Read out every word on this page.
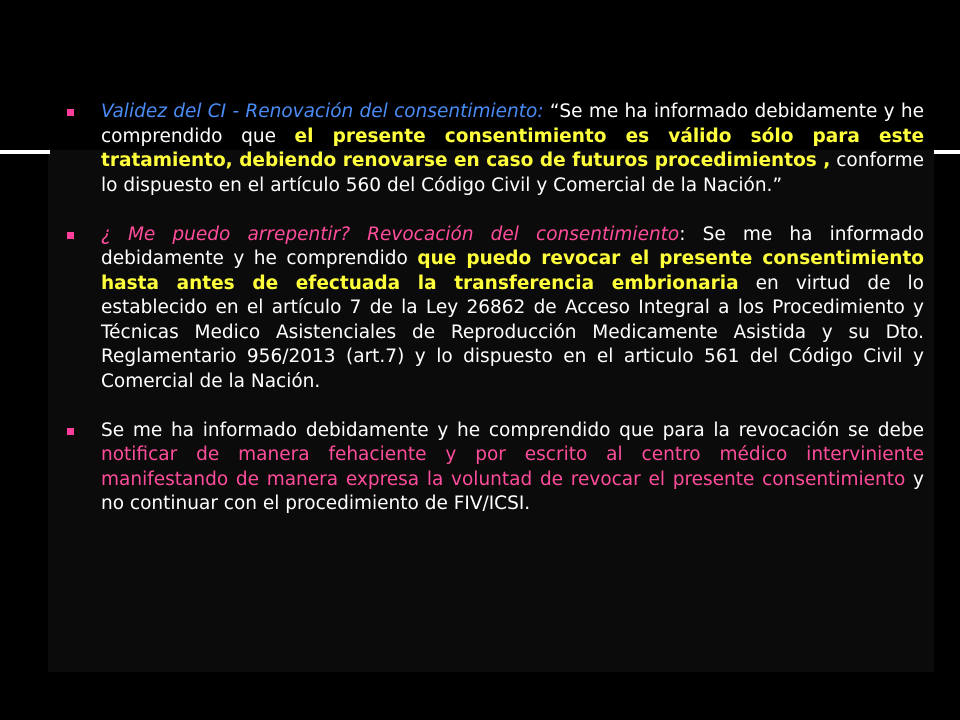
Validez del CI - Renovación del consentimiento: “Se me ha informado debidamente y he comprendido que el presente consentimiento es válido sólo para este tratamiento, debiendo renovarse en caso de futuros procedimientos , conforme lo dispuesto en el artículo 560 del Código Civil y Comercial de la Nación.”

¿ Me puedo arrepentir? Revocación del consentimiento: Se me ha informado debidamente y he comprendido que puedo revocar el presente consentimiento hasta antes de efectuada la transferencia embrionaria en virtud de lo establecido en el artículo 7 de la Ley 26862 de Acceso Integral a los Procedimiento y Técnicas Medico Asistenciales de Reproducción Medicamente Asistida y su Dto. Reglamentario 956/2013 (art.7) y lo dispuesto en el articulo 561 del Código Civil y Comercial de la Nación.

Se me ha informado debidamente y he comprendido que para la revocación se debe notificar de manera fehaciente y por escrito al centro médico interviniente manifestando de manera expresa la voluntad de revocar el presente consentimiento y no continuar con el procedimiento de FIV/ICSI.
